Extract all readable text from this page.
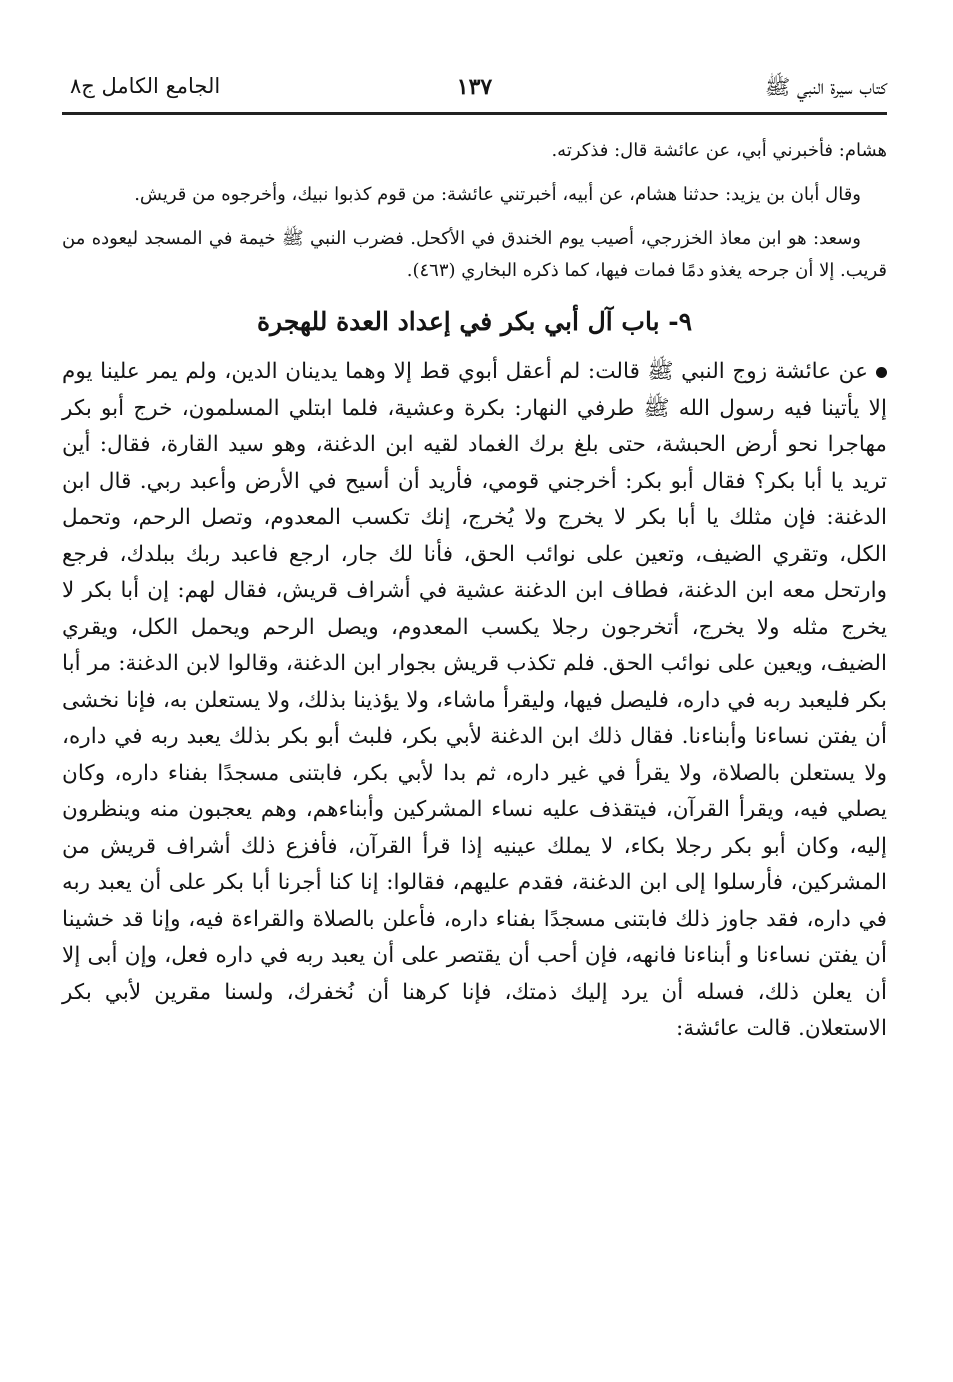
كتاب سيرة النبي ﷺ
١٣٧
الجامع الكامل ج٨

هشام: فأخبرني أبي، عن عائشة قال: فذكرته.

وقال أبان بن يزيد: حدثنا هشام، عن أبيه، أخبرتني عائشة: من قوم كذبوا نبيك، وأخرجوه من قريش.

وسعد: هو ابن معاذ الخزرجي، أصيب يوم الخندق في الأكحل. فضرب النبي ﷺ خيمة في المسجد ليعوده من قريب. إلا أن جرحه يغذو دمًا فمات فيها، كما ذكره البخاري (٤٦٣).

٩- باب آل أبي بكر في إعداد العدة للهجرة

عن عائشة زوج النبي ﷺ قالت: لم أعقل أبوي قط إلا وهما يدينان الدين، ولم يمر علينا يوم إلا يأتينا فيه رسول الله ﷺ طرفي النهار: بكرة وعشية، فلما ابتلي المسلمون، خرج أبو بكر مهاجرا نحو أرض الحبشة، حتى بلغ برك الغماد لقيه ابن الدغنة، وهو سيد القارة، فقال: أين تريد يا أبا بكر؟ فقال أبو بكر: أخرجني قومي، فأريد أن أسيح في الأرض وأعبد ربي. قال ابن الدغنة: فإن مثلك يا أبا بكر لا يخرج ولا يُخرج، إنك تكسب المعدوم، وتصل الرحم، وتحمل الكل، وتقري الضيف، وتعين على نوائب الحق، فأنا لك جار، ارجع فاعبد ربك ببلدك، فرجع وارتحل معه ابن الدغنة، فطاف ابن الدغنة عشية في أشراف قريش، فقال لهم: إن أبا بكر لا يخرج مثله ولا يخرج، أتخرجون رجلا يكسب المعدوم، ويصل الرحم ويحمل الكل، ويقري الضيف، ويعين على نوائب الحق. فلم تكذب قريش بجوار ابن الدغنة، وقالوا لابن الدغنة: مر أبا بكر فليعبد ربه في داره، فليصل فيها، وليقرأ ماشاء، ولا يؤذينا بذلك، ولا يستعلن به، فإنا نخشى أن يفتن نساءنا وأبناءنا. فقال ذلك ابن الدغنة لأبي بكر، فلبث أبو بكر بذلك يعبد ربه في داره، ولا يستعلن بالصلاة، ولا يقرأ في غير داره، ثم بدا لأبي بكر، فابتنى مسجدًا بفناء داره، وكان يصلي فيه، ويقرأ القرآن، فيتقذف عليه نساء المشركين وأبناءهم، وهم يعجبون منه وينظرون إليه، وكان أبو بكر رجلا بكاء، لا يملك عينيه إذا قرأ القرآن، فأفزع ذلك أشراف قريش من المشركين، فأرسلوا إلى ابن الدغنة، فقدم عليهم، فقالوا: إنا كنا أجرنا أبا بكر على أن يعبد ربه في داره، فقد جاوز ذلك فابتنى مسجدًا بفناء داره، فأعلن بالصلاة والقراءة فيه، وإنا قد خشينا أن يفتن نساءنا و أبناءنا فانهه، فإن أحب أن يقتصر على أن يعبد ربه في داره فعل، وإن أبى إلا أن يعلن ذلك، فسله أن يرد إليك ذمتك، فإنا كرهنا أن نُخفرك، ولسنا مقرين لأبي بكر الاستعلان. قالت عائشة:
